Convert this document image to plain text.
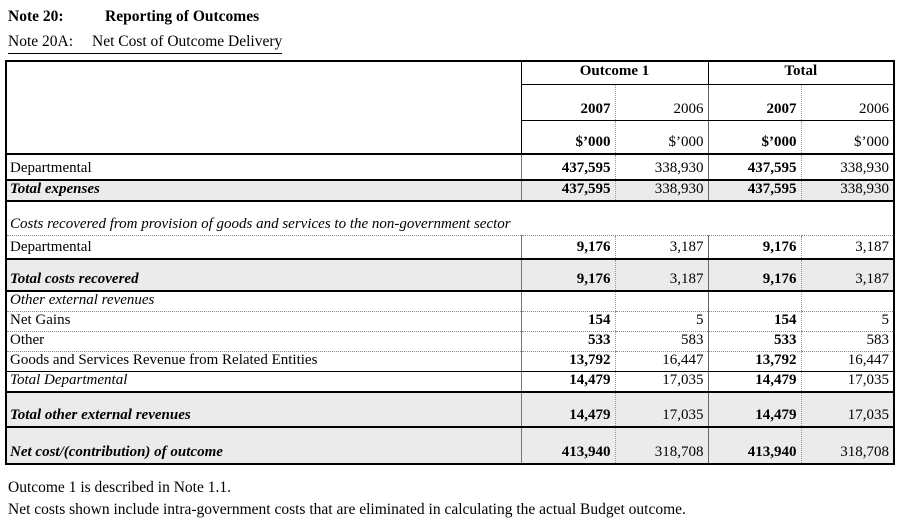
Note 20:	Reporting of Outcomes
Note 20A:	Net Cost of Outcome Delivery
	Outcome 1		Total	
	2007	2006	2007	2006
	$’000	$’000	$’000	$’000
Departmental	437,595	338,930	437,595	338,930
Total expenses	437,595	338,930	437,595	338,930
Costs recovered from provision of goods and services to the non-government sector				
Departmental	9,176	3,187	9,176	3,187
Total costs recovered	9,176	3,187	9,176	3,187
Other external revenues				
Net Gains	154	5	154	5
Other	533	583	533	583
Goods and Services Revenue from Related Entities	13,792	16,447	13,792	16,447
Total Departmental	14,479	17,035	14,479	17,035
Total other external revenues	14,479	17,035	14,479	17,035
Net cost/(contribution) of outcome	413,940	318,708	413,940	318,708
Outcome 1 is described in Note 1.1.
Net costs shown include intra-government costs that are eliminated in calculating the actual Budget outcome.
